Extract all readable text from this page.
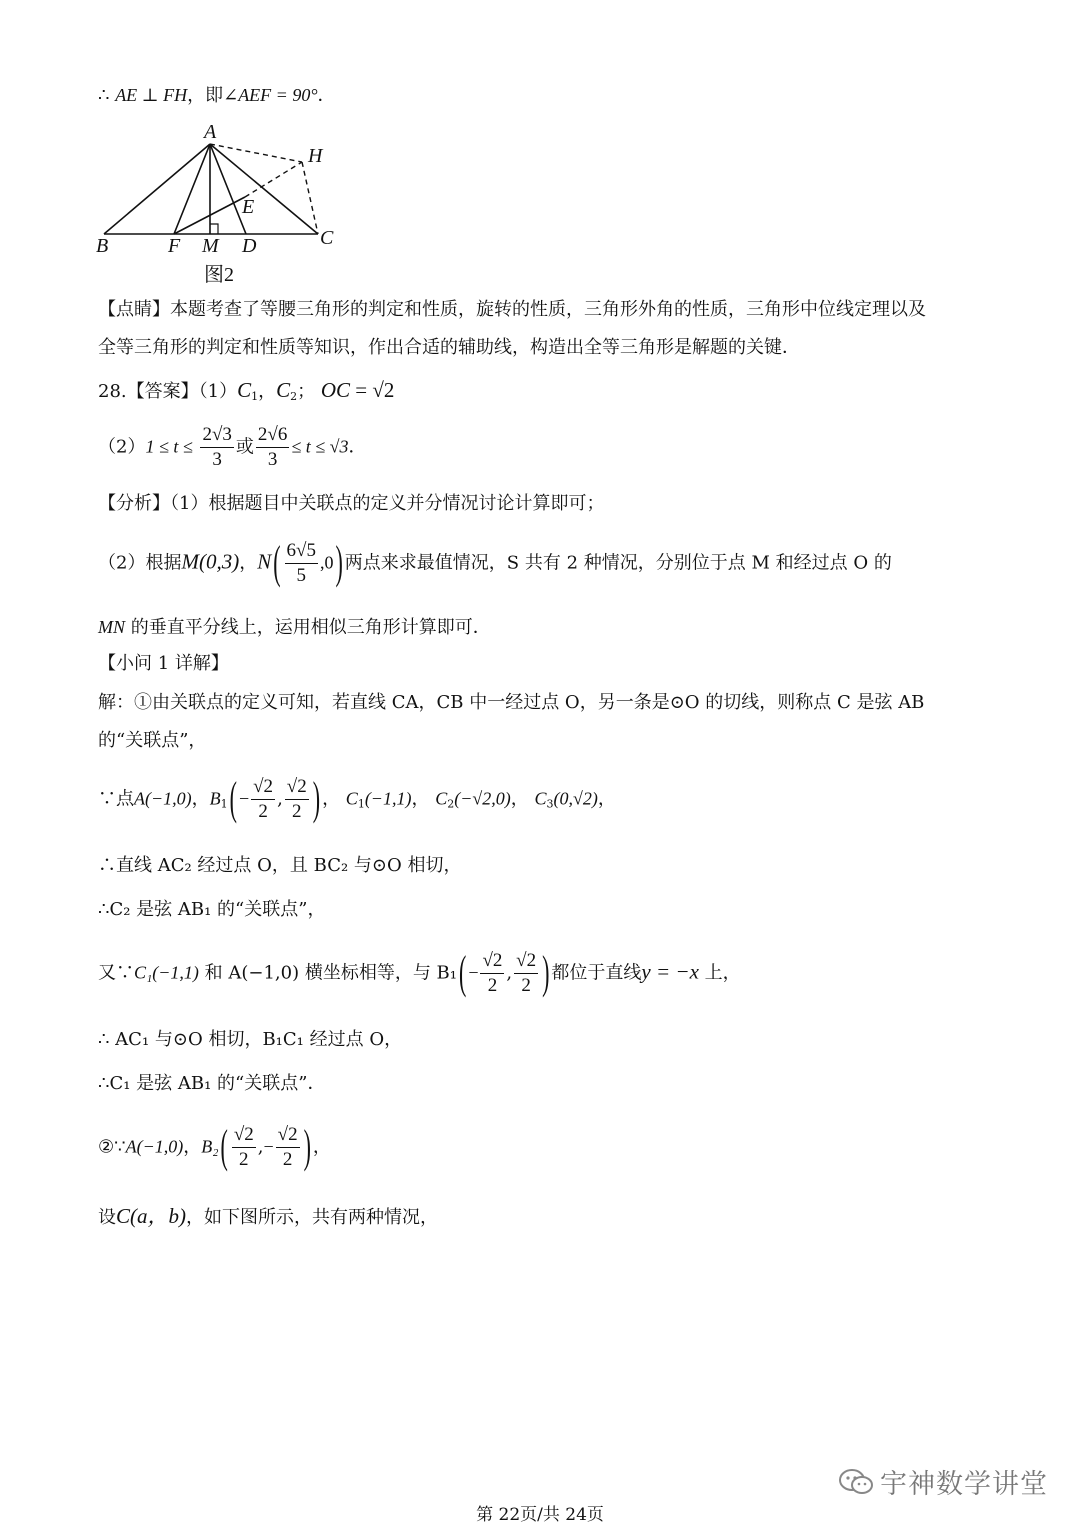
∴ AE ⊥ FH，即∠AEF = 90°．
A
H
E
B	F M D	C
图2
【点睛】本题考查了等腰三角形的判定和性质，旋转的性质，三角形外角的性质，三角形中位线定理以及
全等三角形的判定和性质等知识，作出合适的辅助线，构造出全等三角形是解题的关键．
28.【答案】$(1)C_1$，$C_2$； OC = √2
$(2)1 \le t \le \frac{2√3}{3}$ 或 $\frac{2√6}{3} \le t \le √3$．
【分析】（1）根据题目中关联点的定义并分情况讨论计算即可；
（2）根据M(0,3)，$N( \frac{6√5}{5} ,0)$ 两点来求最值情况，S 共有 2 种情况，分别位于点 M 和经过点 O 的
MN 的垂直平分线上，运用相似三角形计算即可．
【小问 1 详解】
解：①由关联点的定义可知，若直线 CA，CB 中一经过点 O，另一条是⊙O 的切线，则称点 C 是弦 AB
的“关联点”，
∵点A(−1,0)，$B_1( - \frac{√2}{2}$ , $\frac{√2}{2}$ ) ， $C_1(-1,1)$， $C_2(-√2,0)$， $C_3(0,√2)$，
∴直线 AC₂ 经过点 O，且 BC₂ 与⊙O 相切，
∴C₂ 是弦 AB₁ 的“关联点”，
又∵C₁(−1,1) 和 A(−1,0) 横坐标相等，与 $B_1( - \frac{√2}{2}$ , $\frac{√2}{2}$ ) 都位于直线y = −x 上，
∴ AC₁ 与⊙O 相切，B₁C₁ 经过点 O，
∴C₁ 是弦 AB₁ 的“关联点”．
②∵A(−1,0)，$B_2( \frac{√2}{2}$ ,− $\frac{√2}{2}$ ) ，
设C(a，b)，如下图所示，共有两种情况，
宇神数学讲堂
第 22页/共 24页
